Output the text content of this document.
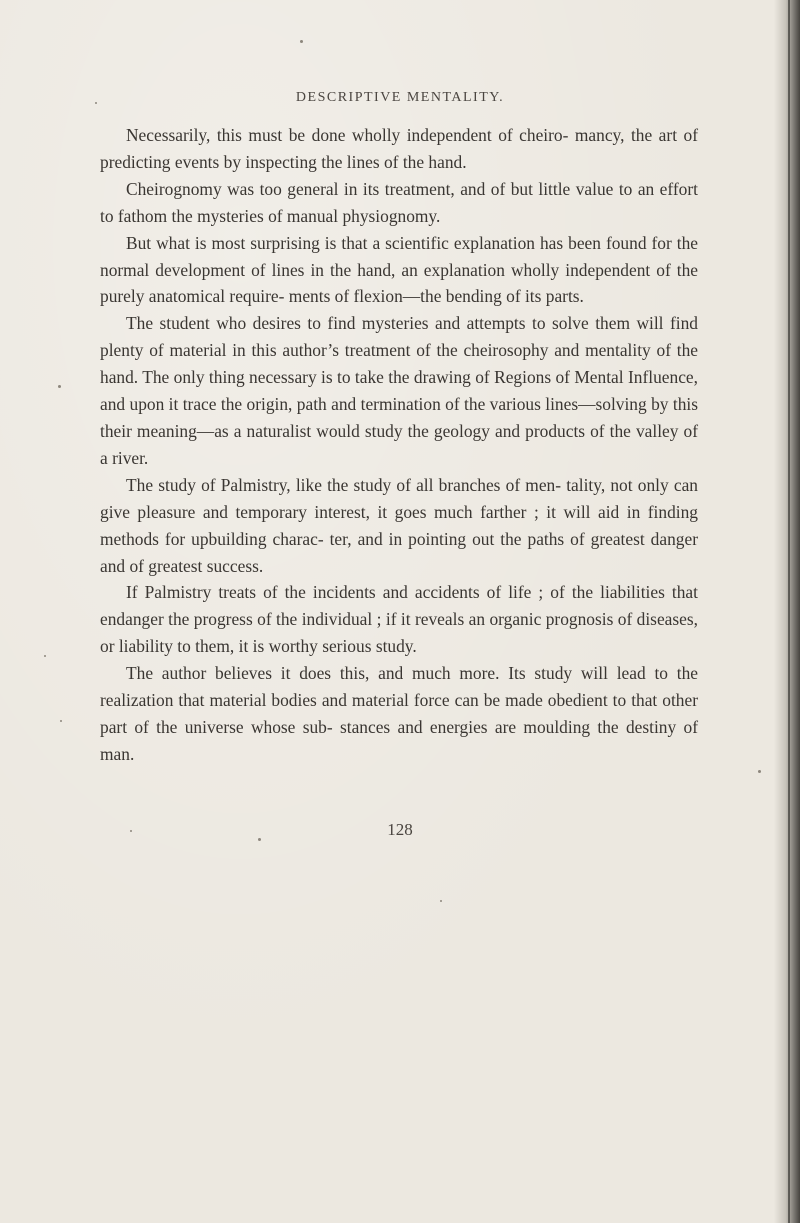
DESCRIPTIVE MENTALITY.

Necessarily, this must be done wholly independent of cheiro- mancy, the art of predicting events by inspecting the lines of the hand.

Cheirognomy was too general in its treatment, and of but little value to an effort to fathom the mysteries of manual physiognomy.

But what is most surprising is that a scientific explanation has been found for the normal development of lines in the hand, an explanation wholly independent of the purely anatomical require- ments of flexion—the bending of its parts.

The student who desires to find mysteries and attempts to solve them will find plenty of material in this author’s treatment of the cheirosophy and mentality of the hand. The only thing necessary is to take the drawing of Regions of Mental Influence, and upon it trace the origin, path and termination of the various lines—solving by this their meaning—as a naturalist would study the geology and products of the valley of a river.

The study of Palmistry, like the study of all branches of men- tality, not only can give pleasure and temporary interest, it goes much farther ; it will aid in finding methods for upbuilding charac- ter, and in pointing out the paths of greatest danger and of greatest success.

If Palmistry treats of the incidents and accidents of life ; of the liabilities that endanger the progress of the individual ; if it reveals an organic prognosis of diseases, or liability to them, it is worthy serious study.

The author believes it does this, and much more. Its study will lead to the realization that material bodies and material force can be made obedient to that other part of the universe whose sub- stances and energies are moulding the destiny of man.

128
